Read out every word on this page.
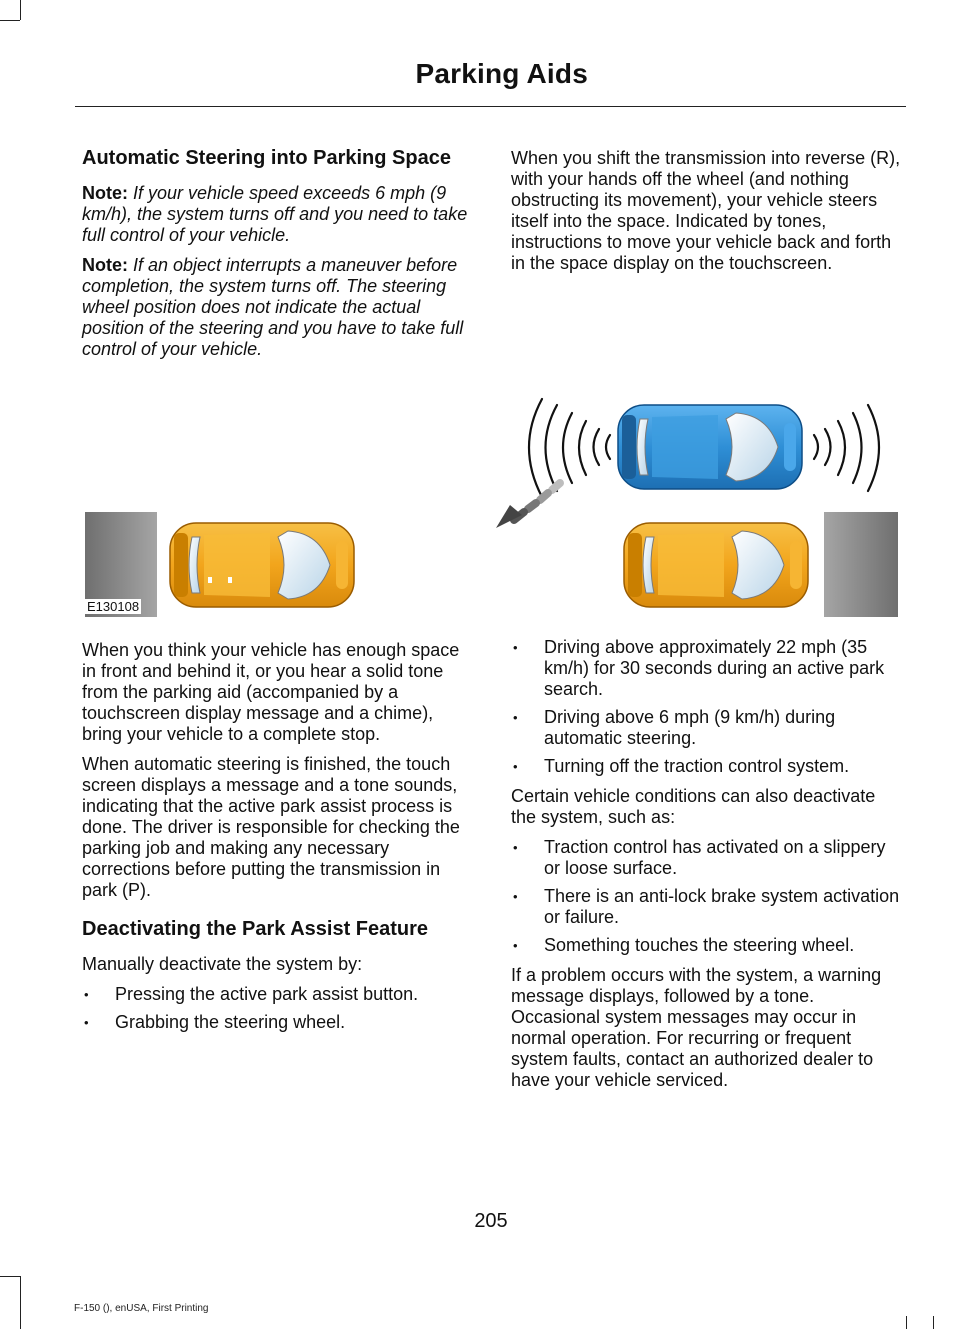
Parking Aids
Automatic Steering into Parking Space

Note: If your vehicle speed exceeds 6 mph (9 km/h), the system turns off and you need to take full control of your vehicle.

Note: If an object interrupts a maneuver before completion, the system turns off. The steering wheel position does not indicate the actual position of the steering and you have to take full control of your vehicle.

When you shift the transmission into reverse (R), with your hands off the wheel (and nothing obstructing its movement), your vehicle steers itself into the space. Indicated by tones, instructions to move your vehicle back and forth in the space display on the touchscreen.

E130108

When you think your vehicle has enough space in front and behind it, or you hear a solid tone from the parking aid (accompanied by a touchscreen display message and a chime), bring your vehicle to a complete stop.

When automatic steering is finished, the touch screen displays a message and a tone sounds, indicating that the active park assist process is done. The driver is responsible for checking the parking job and making any necessary corrections before putting the transmission in park (P).

Deactivating the Park Assist Feature

Manually deactivate the system by:

• Pressing the active park assist button.
• Grabbing the steering wheel.
• Driving above approximately 22 mph (35 km/h) for 30 seconds during an active park search.
• Driving above 6 mph (9 km/h) during automatic steering.
• Turning off the traction control system.

Certain vehicle conditions can also deactivate the system, such as:

• Traction control has activated on a slippery or loose surface.
• There is an anti-lock brake system activation or failure.
• Something touches the steering wheel.

If a problem occurs with the system, a warning message displays, followed by a tone. Occasional system messages may occur in normal operation. For recurring or frequent system faults, contact an authorized dealer to have your vehicle serviced.

205
F-150 (), enUSA, First Printing
